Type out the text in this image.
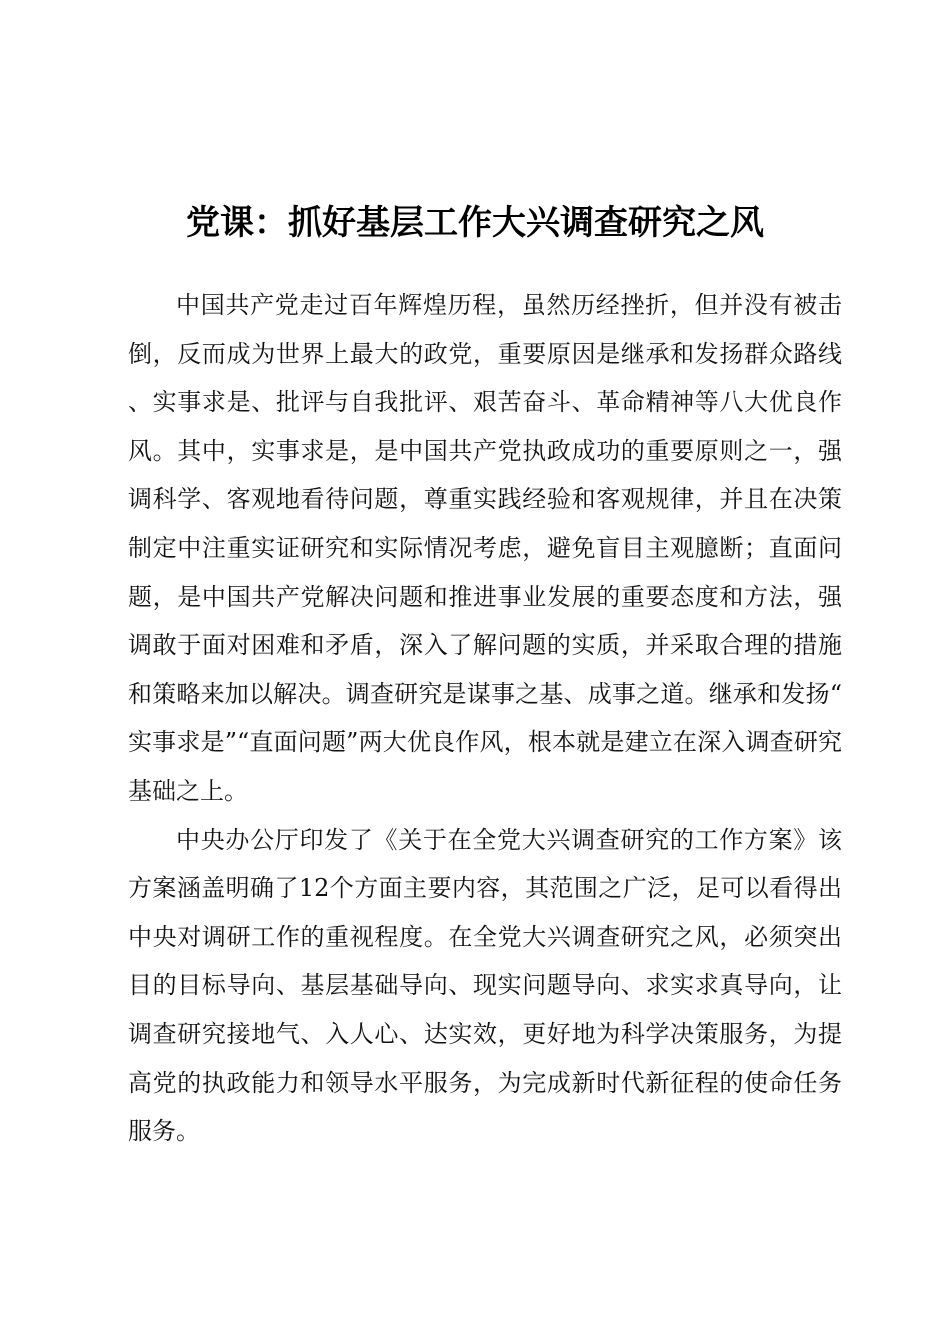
党课：抓好基层工作大兴调查研究之风

中国共产党走过百年辉煌历程，虽然历经挫折，但并没有被击倒，反而成为世界上最大的政党，重要原因是继承和发扬群众路线、实事求是、批评与自我批评、艰苦奋斗、革命精神等八大优良作风。其中，实事求是，是中国共产党执政成功的重要原则之一，强调科学、客观地看待问题，尊重实践经验和客观规律，并且在决策制定中注重实证研究和实际情况考虑，避免盲目主观臆断；直面问题，是中国共产党解决问题和推进事业发展的重要态度和方法，强调敢于面对困难和矛盾，深入了解问题的实质，并采取合理的措施和策略来加以解决。调查研究是谋事之基、成事之道。继承和发扬“实事求是”“直面问题”两大优良作风，根本就是建立在深入调查研究基础之上。

中央办公厅印发了《关于在全党大兴调查研究的工作方案》该方案涵盖明确了12个方面主要内容，其范围之广泛，足可以看得出中央对调研工作的重视程度。在全党大兴调查研究之风，必须突出目的目标导向、基层基础导向、现实问题导向、求实求真导向，让调查研究接地气、入人心、达实效，更好地为科学决策服务，为提高党的执政能力和领导水平服务，为完成新时代新征程的使命任务服务。
